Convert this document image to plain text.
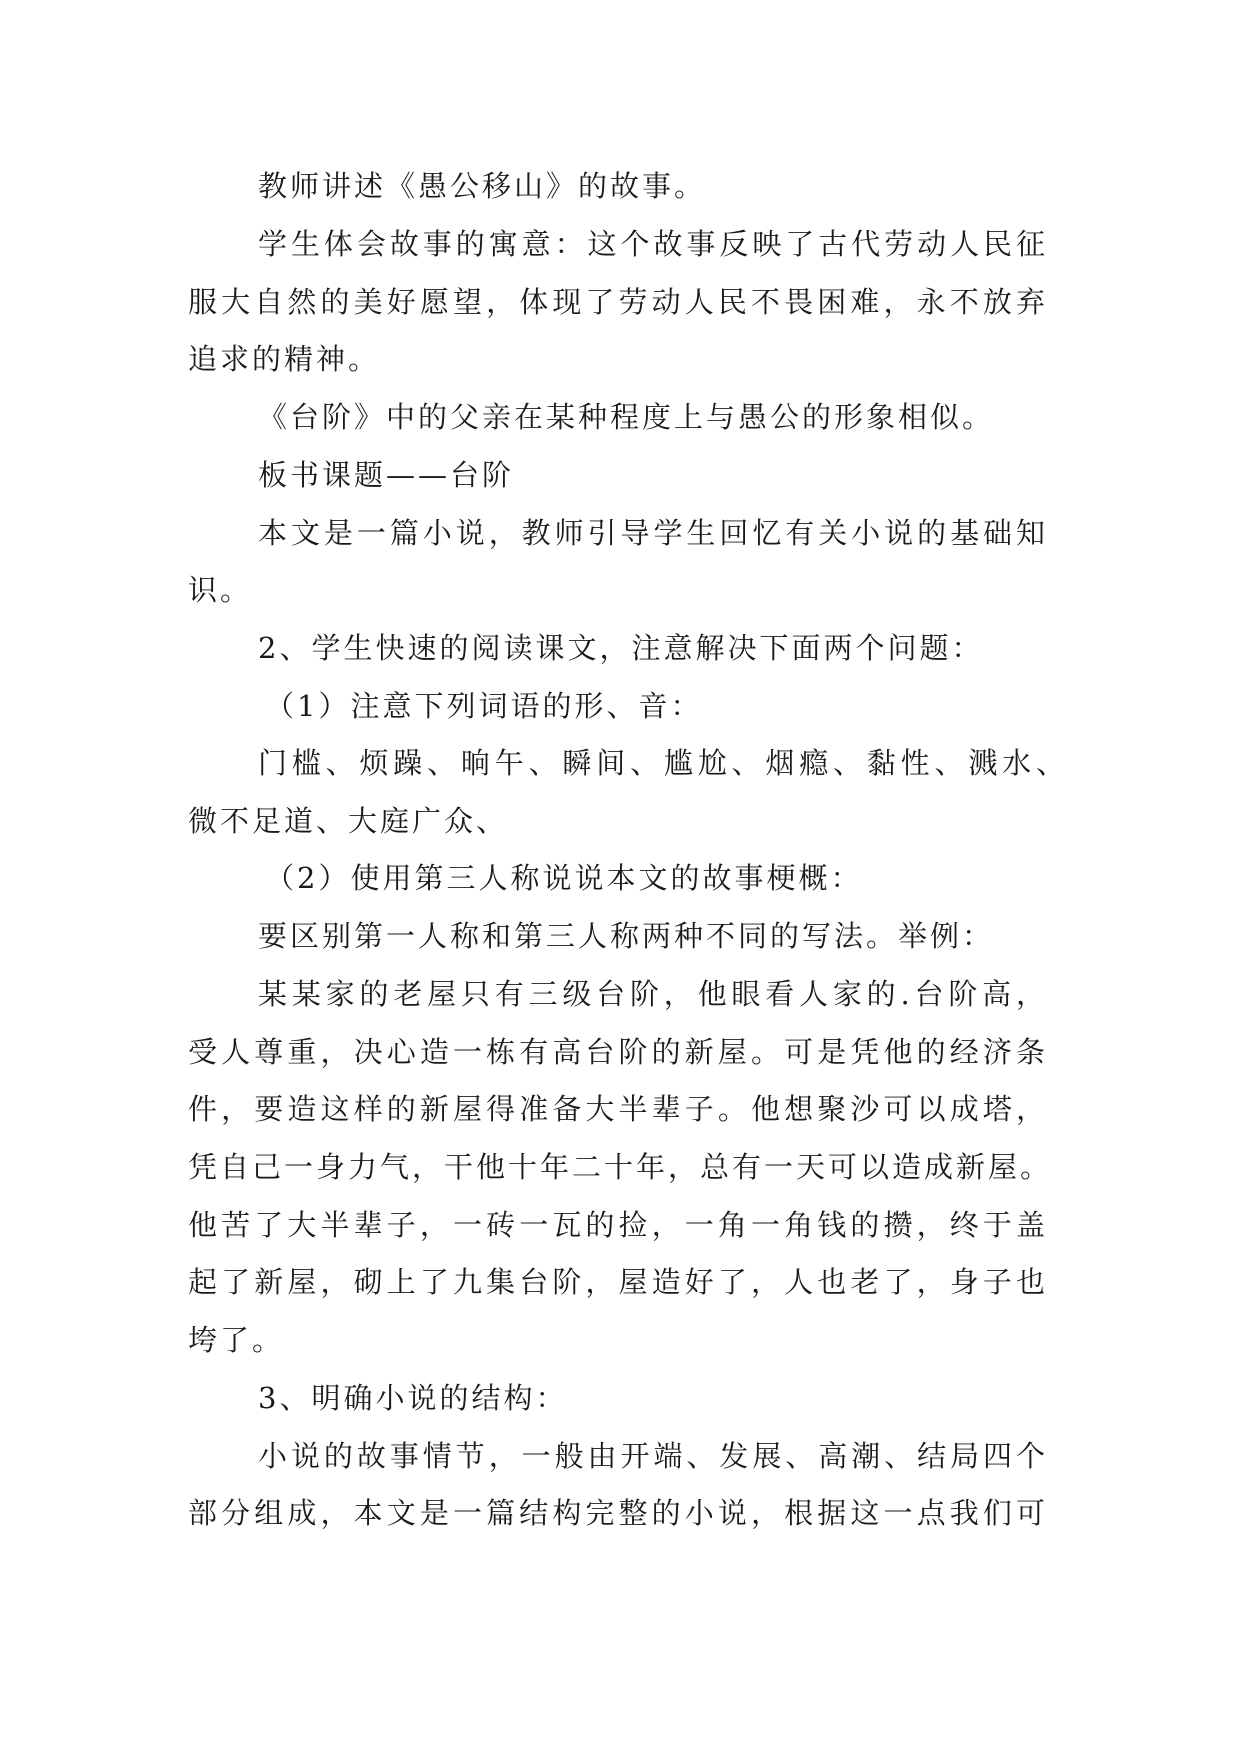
教师讲述《愚公移山》的故事。
学生体会故事的寓意：这个故事反映了古代劳动人民征
服大自然的美好愿望，体现了劳动人民不畏困难，永不放弃
追求的精神。
《台阶》中的父亲在某种程度上与愚公的形象相似。
板书课题——台阶
本文是一篇小说，教师引导学生回忆有关小说的基础知
识。
2、学生快速的阅读课文，注意解决下面两个问题：
（1）注意下列词语的形、音：
门槛、烦躁、晌午、瞬间、尴尬、烟瘾、黏性、溅水、
微不足道、大庭广众、
（2）使用第三人称说说本文的故事梗概：
要区别第一人称和第三人称两种不同的写法。举例：
某某家的老屋只有三级台阶，他眼看人家的.台阶高，
受人尊重，决心造一栋有高台阶的新屋。可是凭他的经济条
件，要造这样的新屋得准备大半辈子。他想聚沙可以成塔，
凭自己一身力气，干他十年二十年，总有一天可以造成新屋。
他苦了大半辈子，一砖一瓦的捡，一角一角钱的攒，终于盖
起了新屋，砌上了九集台阶，屋造好了，人也老了，身子也
垮了。
3、明确小说的结构：
小说的故事情节，一般由开端、发展、高潮、结局四个
部分组成，本文是一篇结构完整的小说，根据这一点我们可
